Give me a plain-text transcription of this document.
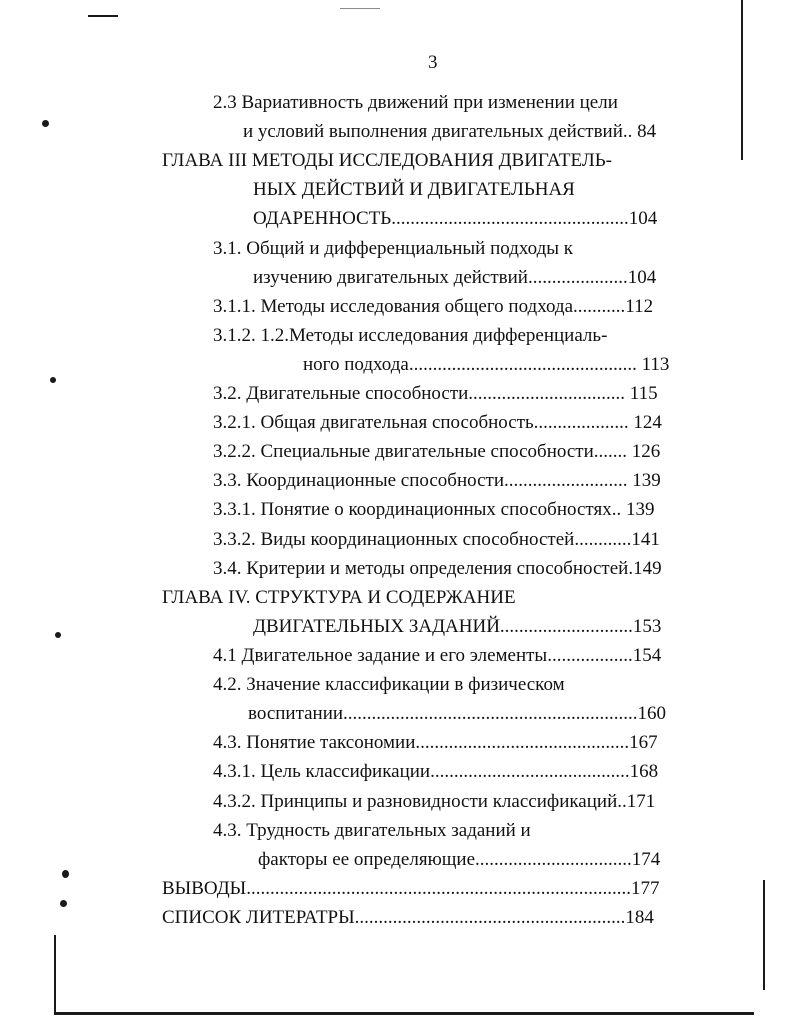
3
2.3 Вариативность движений при изменении цели
и условий выполнения двигательных действий.. 84
ГЛАВА III МЕТОДЫ ИССЛЕДОВАНИЯ ДВИГАТЕЛЬ-
НЫХ ДЕЙСТВИЙ И ДВИГАТЕЛЬНАЯ
ОДАРЕННОСТЬ..................................................104
3.1. Общий и дифференциальный подходы к
изучению двигательных действий.....................104
3.1.1. Методы исследования общего подхода...........112
3.1.2. 1.2.Методы исследования дифференциаль-
ного подхода................................................ 113
3.2. Двигательные способности................................. 115
3.2.1. Общая двигательная способность.................... 124
3.2.2. Специальные двигательные способности....... 126
3.3. Координационные способности.......................... 139
3.3.1. Понятие о координационных способностях.. 139
3.3.2. Виды координационных способностей............141
3.4. Критерии и методы определения способностей.149
ГЛАВА IV. СТРУКТУРА И СОДЕРЖАНИЕ
ДВИГАТЕЛЬНЫХ ЗАДАНИЙ............................153
4.1 Двигательное задание и его элементы..................154
4.2. Значение классификации в физическом
воспитании..............................................................160
4.3. Понятие таксономии.............................................167
4.3.1. Цель классификации..........................................168
4.3.2. Принципы и разновидности классификаций..171
4.3. Трудность двигательных заданий и
факторы ее определяющие.................................174
ВЫВОДЫ.................................................................................177
СПИСОК ЛИТЕРАТРЫ.........................................................184
